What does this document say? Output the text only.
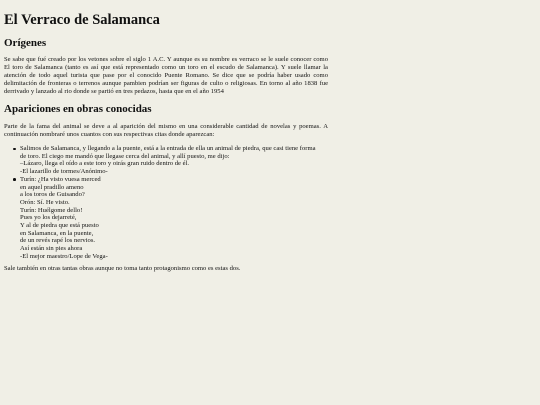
El Verraco de Salamanca
Orígenes

Se sabe que fué creado por los vetones sobre el siglo 1 A.C. Y aunque es su nombre es verraco se le suele conocer como El toro de Salamanca (tanto es así que está representado como un toro en el escudo de Salamanca). Y suele llamar la atención de todo aquel turista que pase por el conocido Puente Romano. Se dice que se podría haber usado como delimitación de fronteras o terrenos aunque pambien podrían ser figuras de culto o religiosas. En torno al año 1838 fue derrivado y lanzado al rio donde se partió en tres pedazos, hasta que en el año 1954

Apariciones en obras conocidas

Parte de la fama del animal se deve a al aparición del mismo en una considerable cantidad de novelas y poemas. A continuación nombraré unos cuantos con sus respectivas citas donde aparezcan:

Salimos de Salamanca, y llegando a la puente, está a la entrada de ella un animal de piedra, que casi tiene forma
de toro. El ciego me mandó que llegase cerca del animal, y allí puesto, me dijo:
–Lázaro, llega el oído a este toro y oirás gran ruido dentro de él.
-El lazarillo de tormes/Anónimo-
Turín: ¿Ha visto vuesa merced
en aquel pradillo ameno
a los toros de Guisando?
Orón: Sí. He visto.
Turín: Huélgome dello!
Pues yo los dejarreté,
Y al de piedra que está puesto
en Salamanca, en la puente,
de un revés rapé los nervios.
Así están sin pies ahora
-El mejor maestro/Lope de Vega-

Sale también en otras tantas obras aunque no toma tanto protagonismo como es estas dos.
